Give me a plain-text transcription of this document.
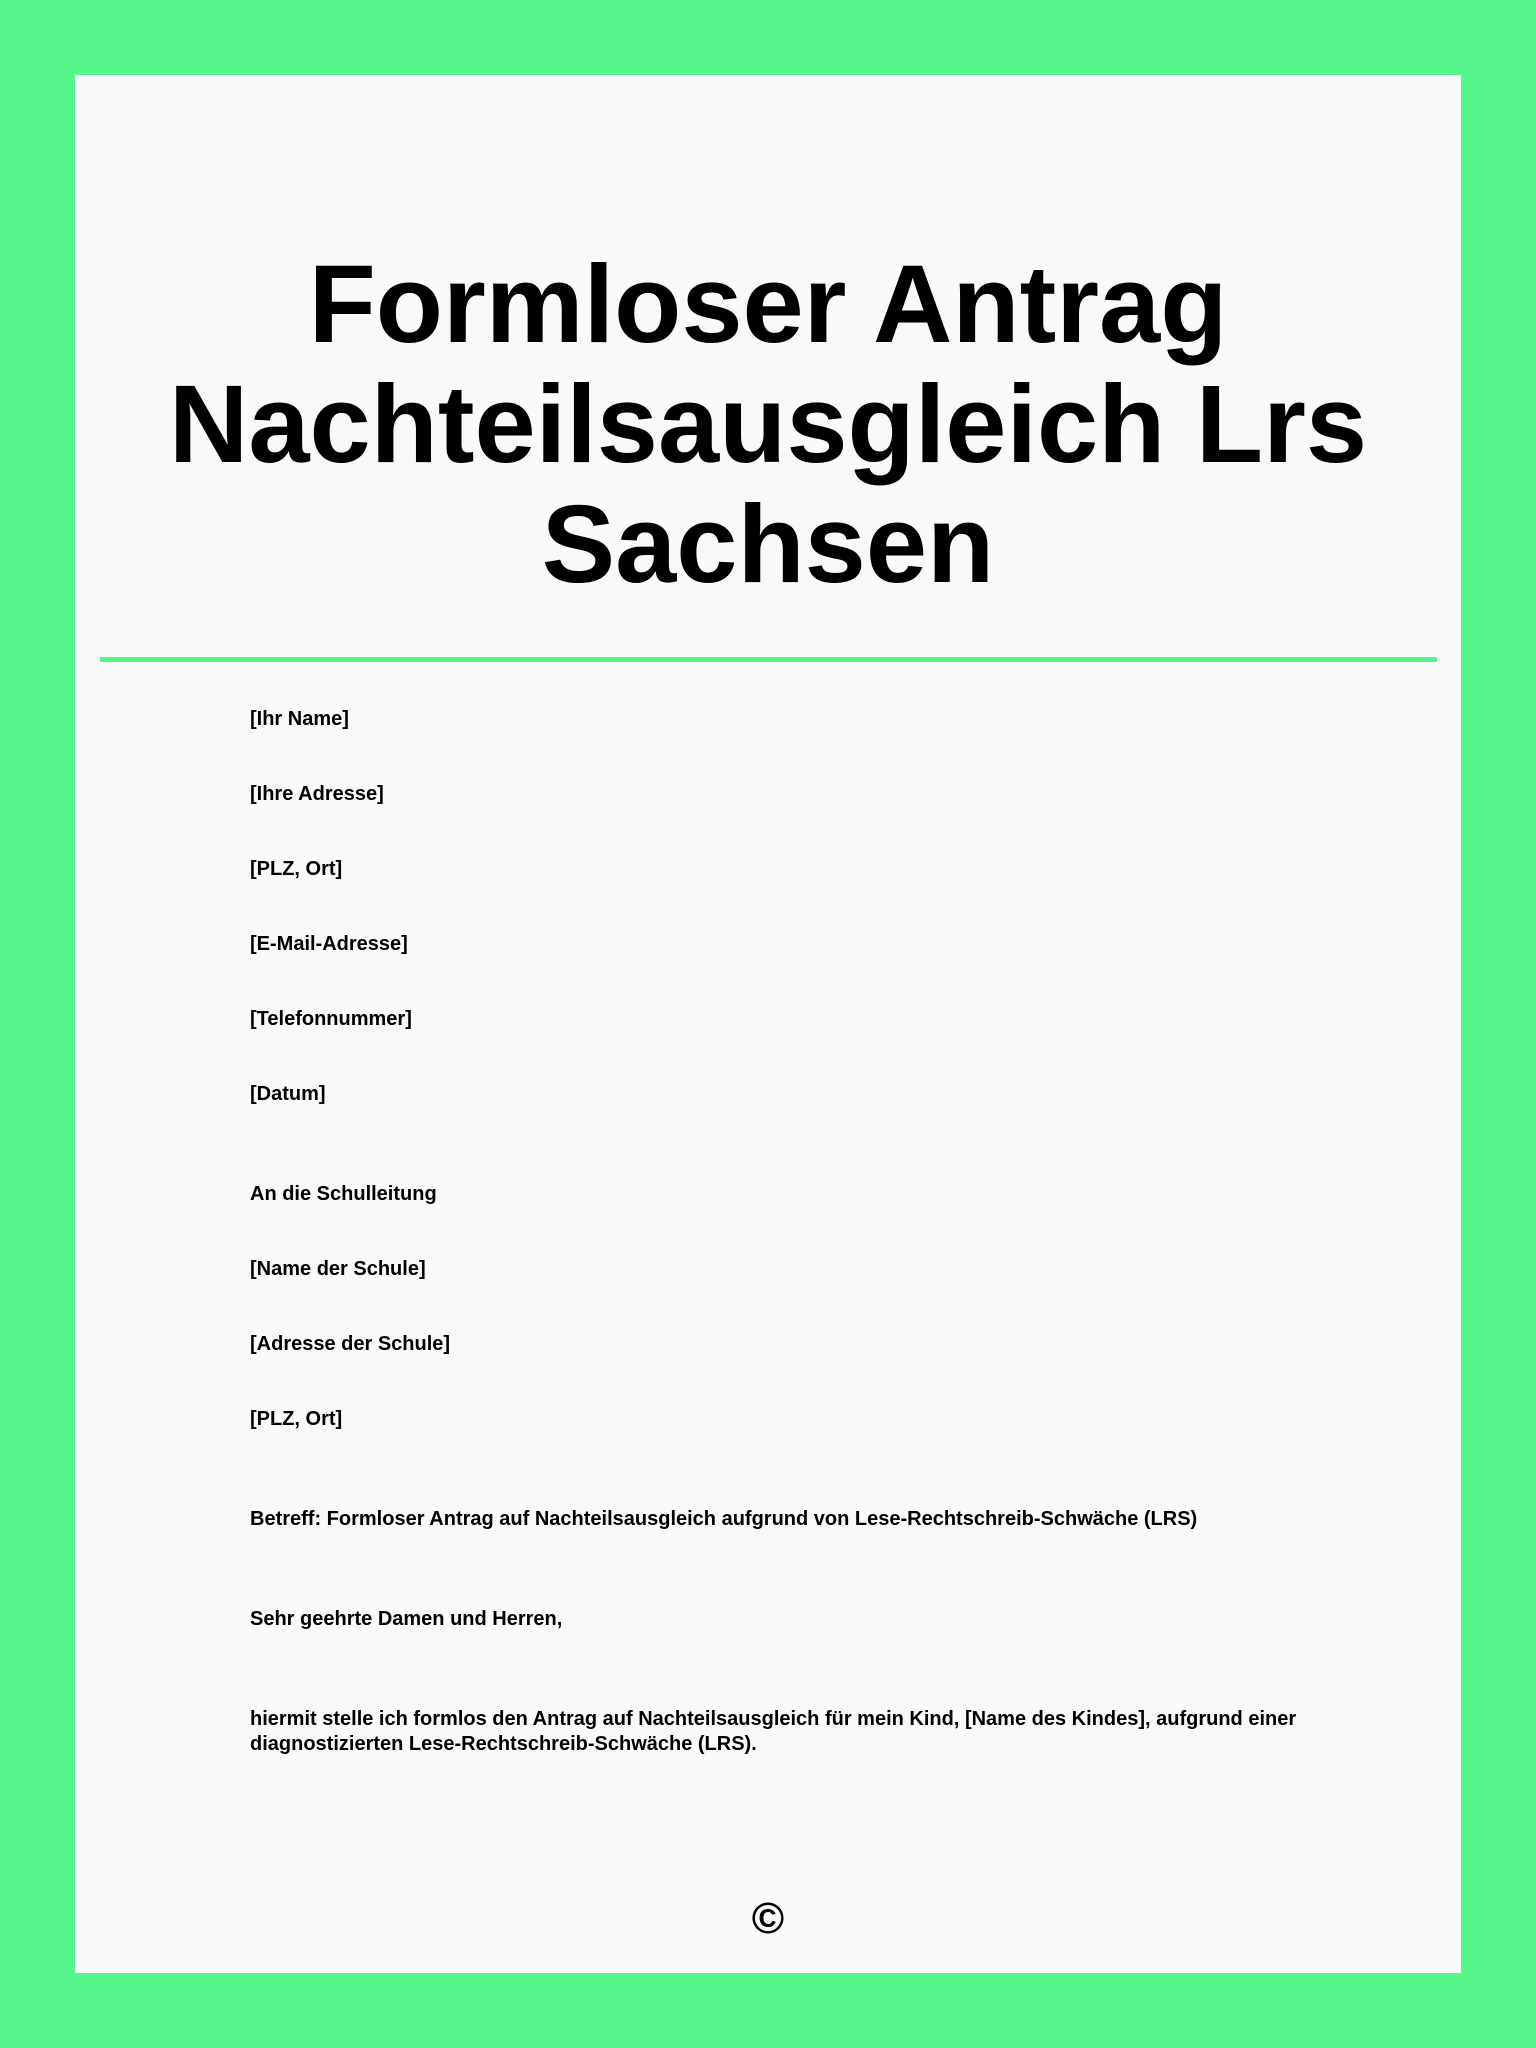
Formloser Antrag
Nachteilsausgleich Lrs
Sachsen

[Ihr Name]

[Ihre Adresse]

[PLZ, Ort]

[E-Mail-Adresse]

[Telefonnummer]

[Datum]

An die Schulleitung

[Name der Schule]

[Adresse der Schule]

[PLZ, Ort]

Betreff: Formloser Antrag auf Nachteilsausgleich aufgrund von Lese-Rechtschreib-Schwäche (LRS)

Sehr geehrte Damen und Herren,

hiermit stelle ich formlos den Antrag auf Nachteilsausgleich für mein Kind, [Name des Kindes], aufgrund einer diagnostizierten Lese-Rechtschreib-Schwäche (LRS).

©
